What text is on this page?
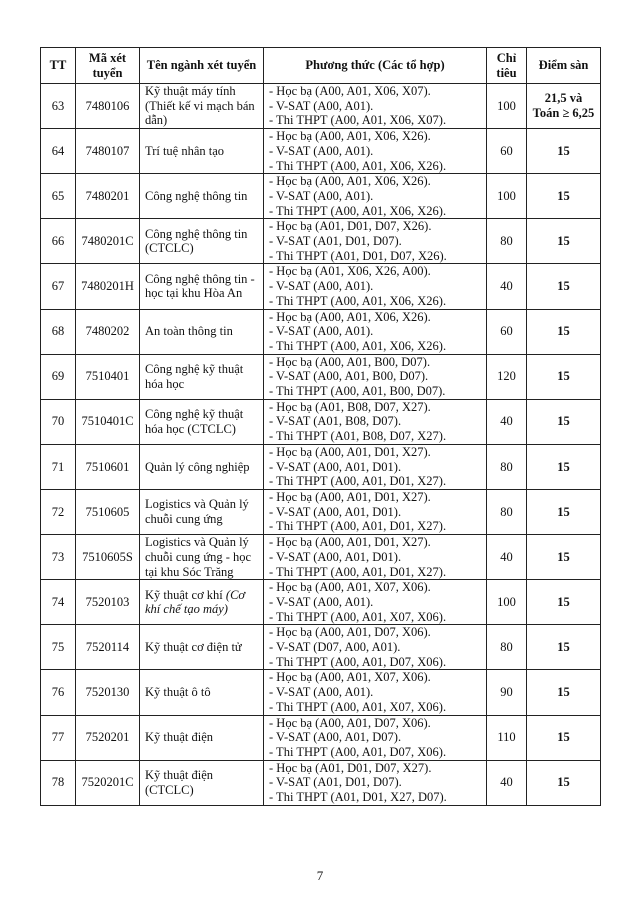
TT	Mã xét tuyển	Tên ngành xét tuyển	Phương thức (Các tổ hợp)	Chỉ tiêu	Điểm sàn
63	7480106	Kỹ thuật máy tính (Thiết kế vi mạch bán dẫn)	- Học bạ (A00, A01, X06, X07).
- V-SAT (A00, A01).
- Thi THPT (A00, A01, X06, X07).	100	21,5 và Toán ≥ 6,25
64	7480107	Trí tuệ nhân tạo	- Học bạ (A00, A01, X06, X26).
- V-SAT (A00, A01).
- Thi THPT (A00, A01, X06, X26).	60	15
65	7480201	Công nghệ thông tin	- Học bạ (A00, A01, X06, X26).
- V-SAT (A00, A01).
- Thi THPT (A00, A01, X06, X26).	100	15
66	7480201C	Công nghệ thông tin (CTCLC)	- Học bạ (A01, D01, D07, X26).
- V-SAT (A01, D01, D07).
- Thi THPT (A01, D01, D07, X26).	80	15
67	7480201H	Công nghệ thông tin - học tại khu Hòa An	- Học bạ (A01, X06, X26, A00).
- V-SAT (A00, A01).
- Thi THPT (A00, A01, X06, X26).	40	15
68	7480202	An toàn thông tin	- Học bạ (A00, A01, X06, X26).
- V-SAT (A00, A01).
- Thi THPT (A00, A01, X06, X26).	60	15
69	7510401	Công nghệ kỹ thuật hóa học	- Học bạ (A00, A01, B00, D07).
- V-SAT (A00, A01, B00, D07).
- Thi THPT (A00, A01, B00, D07).	120	15
70	7510401C	Công nghệ kỹ thuật hóa học (CTCLC)	- Học bạ (A01, B08, D07, X27).
- V-SAT (A01, B08, D07).
- Thi THPT (A01, B08, D07, X27).	40	15
71	7510601	Quản lý công nghiệp	- Học bạ (A00, A01, D01, X27).
- V-SAT (A00, A01, D01).
- Thi THPT (A00, A01, D01, X27).	80	15
72	7510605	Logistics và Quản lý chuỗi cung ứng	- Học bạ (A00, A01, D01, X27).
- V-SAT (A00, A01, D01).
- Thi THPT (A00, A01, D01, X27).	80	15
73	7510605S	Logistics và Quản lý chuỗi cung ứng - học tại khu Sóc Trăng	- Học bạ (A00, A01, D01, X27).
- V-SAT (A00, A01, D01).
- Thi THPT (A00, A01, D01, X27).	40	15
74	7520103	Kỹ thuật cơ khí (Cơ khí chế tạo máy)	- Học bạ (A00, A01, X07, X06).
- V-SAT (A00, A01).
- Thi THPT (A00, A01, X07, X06).	100	15
75	7520114	Kỹ thuật cơ điện tử	- Học bạ (A00, A01, D07, X06).
- V-SAT (D07, A00, A01).
- Thi THPT (A00, A01, D07, X06).	80	15
76	7520130	Kỹ thuật ô tô	- Học bạ (A00, A01, X07, X06).
- V-SAT (A00, A01).
- Thi THPT (A00, A01, X07, X06).	90	15
77	7520201	Kỹ thuật điện	- Học bạ (A00, A01, D07, X06).
- V-SAT (A00, A01, D07).
- Thi THPT (A00, A01, D07, X06).	110	15
78	7520201C	Kỹ thuật điện (CTCLC)	- Học bạ (A01, D01, D07, X27).
- V-SAT (A01, D01, D07).
- Thi THPT (A01, D01, X27, D07).	40	15
7
